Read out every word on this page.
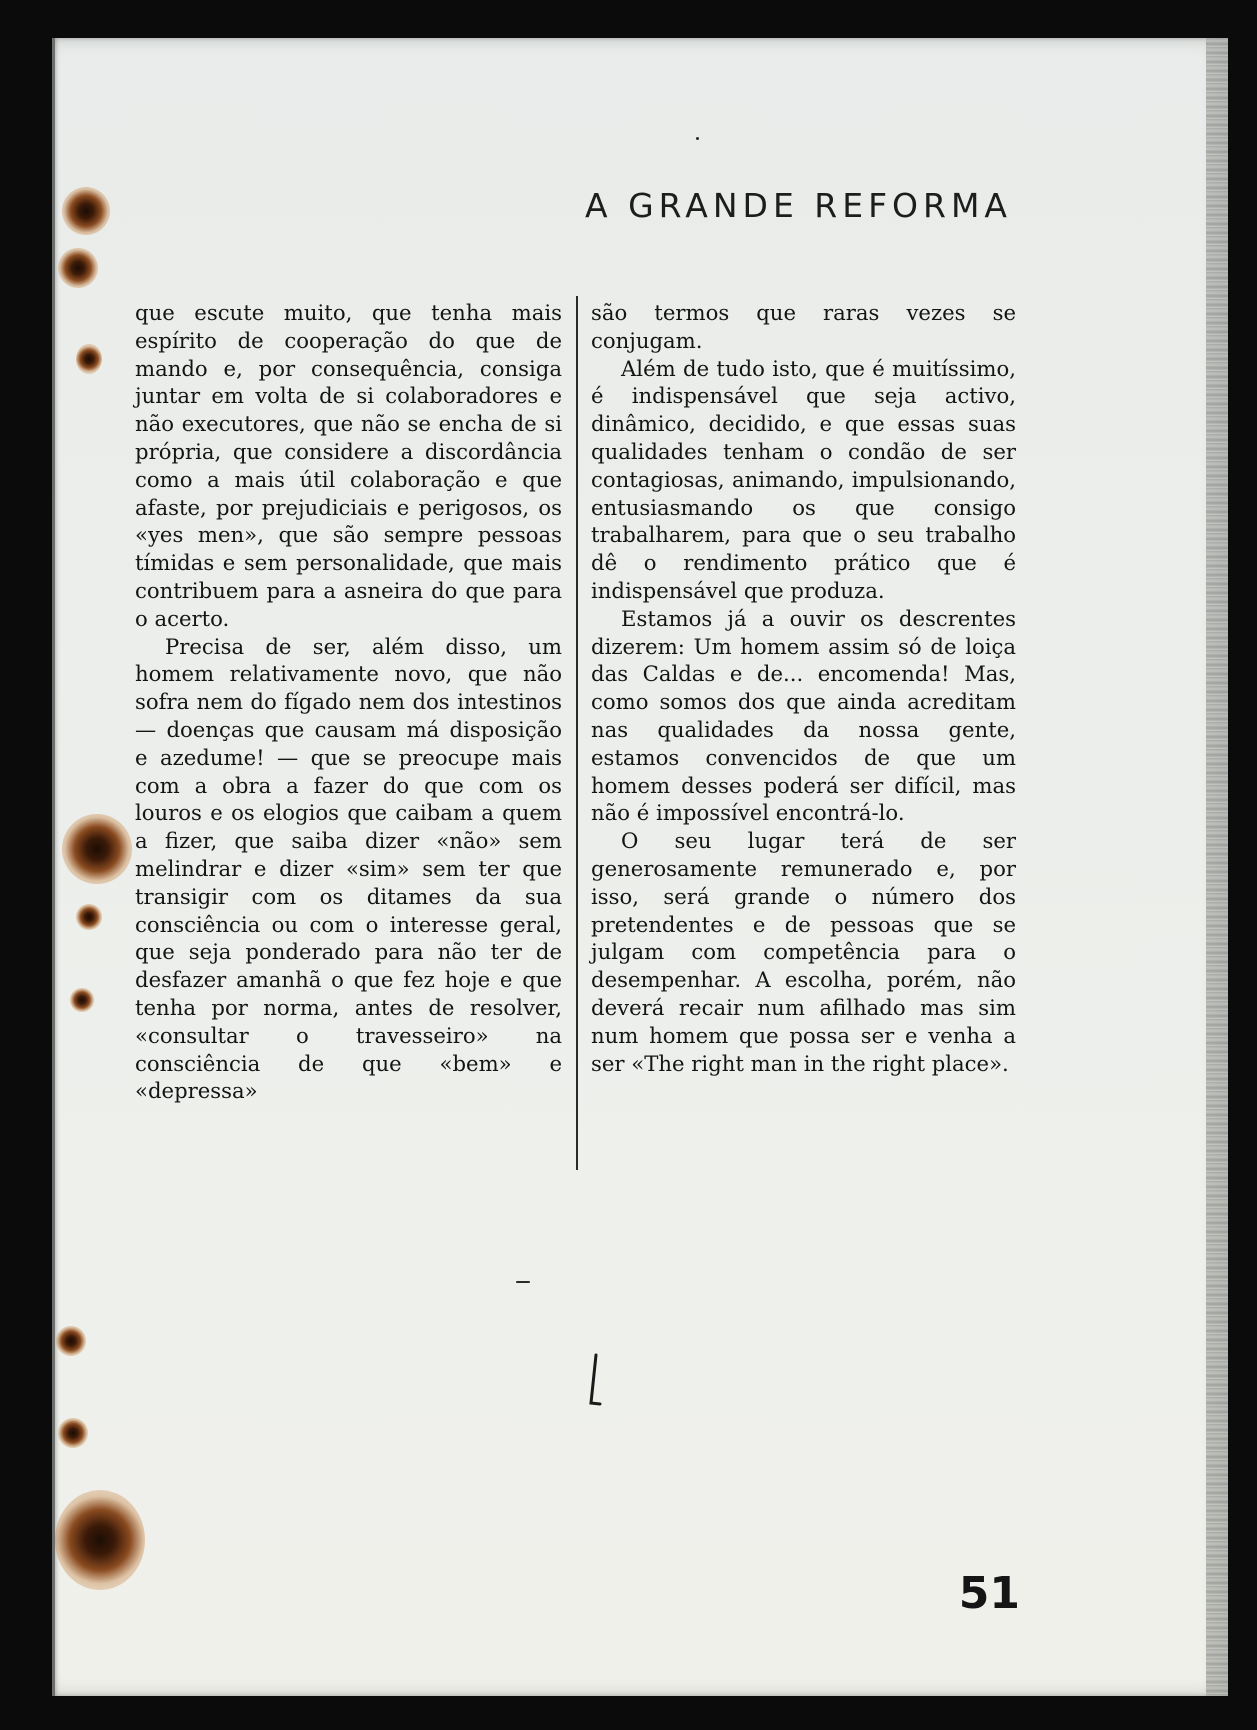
A GRANDE REFORMA

que escute muito, que tenha mais espírito de cooperação do que de mando e, por consequência, consiga juntar em volta de si colaboradores e não executores, que não se encha de si própria, que considere a discordância como a mais útil colaboração e que afaste, por prejudiciais e perigosos, os «yes men», que são sempre pessoas tímidas e sem personalidade, que mais contribuem para a asneira do que para o acerto.

Precisa de ser, além disso, um homem relativamente novo, que não sofra nem do fígado nem dos intestinos — doenças que causam má disposição e azedume! — que se preocupe mais com a obra a fazer do que com os louros e os elogios que caibam a quem a fizer, que saiba dizer «não» sem melindrar e dizer «sim» sem ter que transigir com os ditames da sua consciência ou com o interesse geral, que seja ponderado para não ter de desfazer amanhã o que fez hoje e que tenha por norma, antes de resolver, «consultar o travesseiro» na consciência de que «bem» e «depressa»

são termos que raras vezes se conjugam.

Além de tudo isto, que é muitíssimo, é indispensável que seja activo, dinâmico, decidido, e que essas suas qualidades tenham o condão de ser contagiosas, animando, impulsionando, entusiasmando os que consigo trabalharem, para que o seu trabalho dê o rendimento prático que é indispensável que produza.

Estamos já a ouvir os descrentes dizerem: Um homem assim só de loiça das Caldas e de... encomenda! Mas, como somos dos que ainda acreditam nas qualidades da nossa gente, estamos convencidos de que um homem desses poderá ser difícil, mas não é impossível encontrá-lo.

O seu lugar terá de ser generosamente remunerado e, por isso, será grande o número dos pretendentes e de pessoas que se julgam com competência para o desempenhar. A escolha, porém, não deverá recair num afilhado mas sim num homem que possa ser e venha a ser «The right man in the right place».

51
